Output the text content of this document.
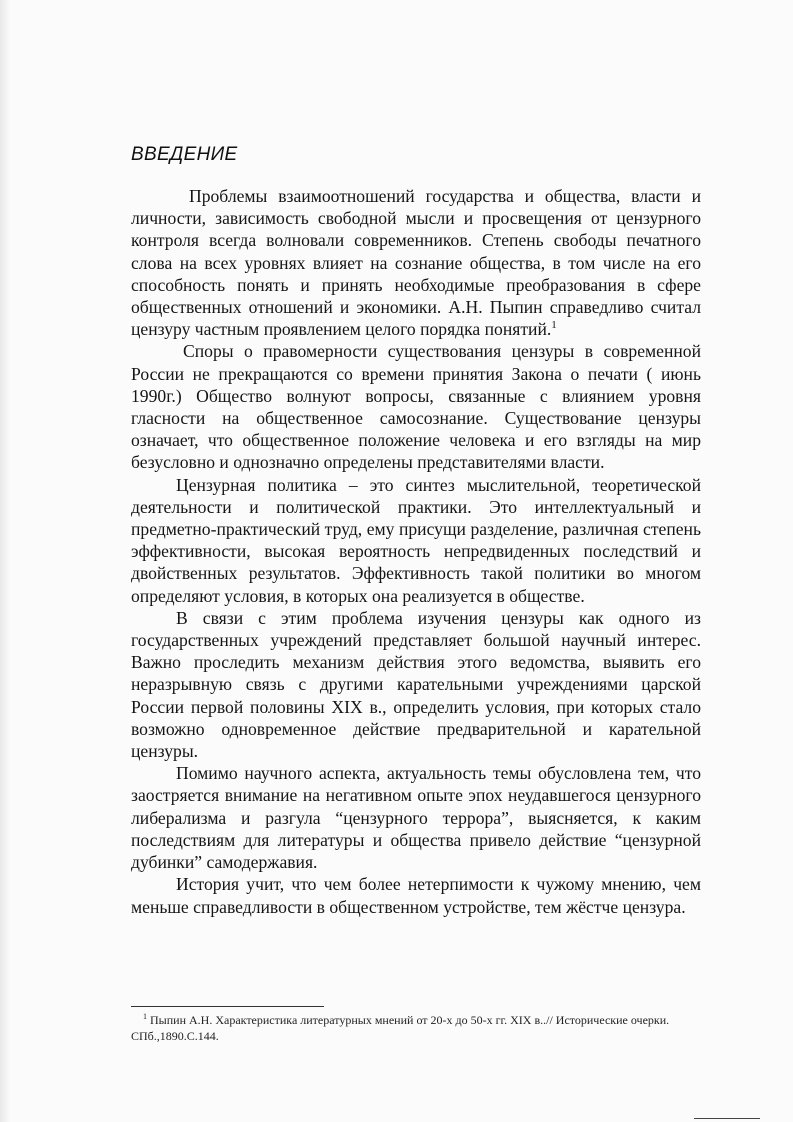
ВВЕДЕНИЕ

Проблемы взаимоотношений государства и общества, власти и личности, зависимость свободной мысли и просвещения от цензурного контроля всегда волновали современников. Степень свободы печатного слова на всех уровнях влияет на сознание общества, в том числе на его способность понять и принять необходимые преобразования в сфере общественных отношений и экономики. А.Н. Пыпин справедливо считал цензуру частным проявлением целого порядка понятий.$^1$

Споры о правомерности существования цензуры в современной России не прекращаются со времени принятия Закона о печати ( июнь 1990г.) Общество волнуют вопросы, связанные с влиянием уровня гласности на общественное самосознание. Существование цензуры означает, что общественное положение человека и его взгляды на мир безусловно и однозначно определены представителями власти.

Цензурная политика – это синтез мыслительной, теоретической деятельности и политической практики. Это интеллектуальный и предметно-практический труд, ему присущи разделение, различная степень эффективности, высокая вероятность непредвиденных последствий и двойственных результатов. Эффективность такой политики во многом определяют условия, в которых она реализуется в обществе.

В связи с этим проблема изучения цензуры как одного из государственных учреждений представляет большой научный интерес. Важно проследить механизм действия этого ведомства, выявить его неразрывную связь с другими карательными учреждениями царской России первой половины XIX в., определить условия, при которых стало возможно одновременное действие предварительной и карательной цензуры.

Помимо научного аспекта, актуальность темы обусловлена тем, что заостряется внимание на негативном опыте эпох неудавшегося цензурного либерализма и разгула “цензурного террора”, выясняется, к каким последствиям для литературы и общества привело действие “цензурной дубинки” самодержавия.

История учит, что чем более нетерпимости к чужому мнению, чем меньше справедливости в общественном устройстве, тем жёстче цензура.

$^1$ Пыпин А.Н. Характеристика литературных мнений от 20-х до 50-х гг. XIX в..// Исторические очерки. СПб.,1890.С.144.
